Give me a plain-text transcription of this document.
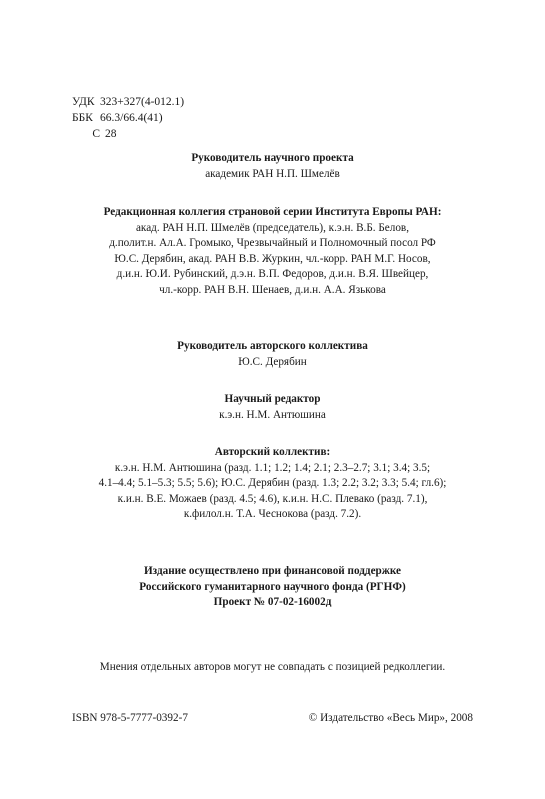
УДК 323+327(4-012.1)
ББК 66.3/66.4(41)
С 28
Руководитель научного проекта
академик РАН Н.П. Шмелёв
Редакционная коллегия страновой серии Института Европы РАН:
акад. РАН Н.П. Шмелёв (председатель), к.э.н. В.Б. Белов,
д.полит.н. Ал.А. Громыко, Чрезвычайный и Полномочный посол РФ
Ю.С. Дерябин, акад. РАН В.В. Журкин, чл.-корр. РАН М.Г. Носов,
д.и.н. Ю.И. Рубинский, д.э.н. В.П. Федоров, д.и.н. В.Я. Швейцер,
чл.-корр. РАН В.Н. Шенаев, д.и.н. А.А. Язькова
Руководитель авторского коллектива
Ю.С. Дерябин
Научный редактор
к.э.н. Н.М. Антюшина
Авторский коллектив:
к.э.н. Н.М. Антюшина (разд. 1.1; 1.2; 1.4; 2.1; 2.3–2.7; 3.1; 3.4; 3.5;
4.1–4.4; 5.1–5.3; 5.5; 5.6); Ю.С. Дерябин (разд. 1.3; 2.2; 3.2; 3.3; 5.4; гл.6);
к.и.н. В.Е. Можаев (разд. 4.5; 4.6), к.и.н. Н.С. Плевако (разд. 7.1),
к.филол.н. Т.А. Чеснокова (разд. 7.2).
Издание осуществлено при финансовой поддержке
Российского гуманитарного научного фонда (РГНФ)
Проект № 07-02-16002д
Мнения отдельных авторов могут не совпадать с позицией редколлегии.
ISBN 978-5-7777-0392-7	© Издательство «Весь Мир», 2008
